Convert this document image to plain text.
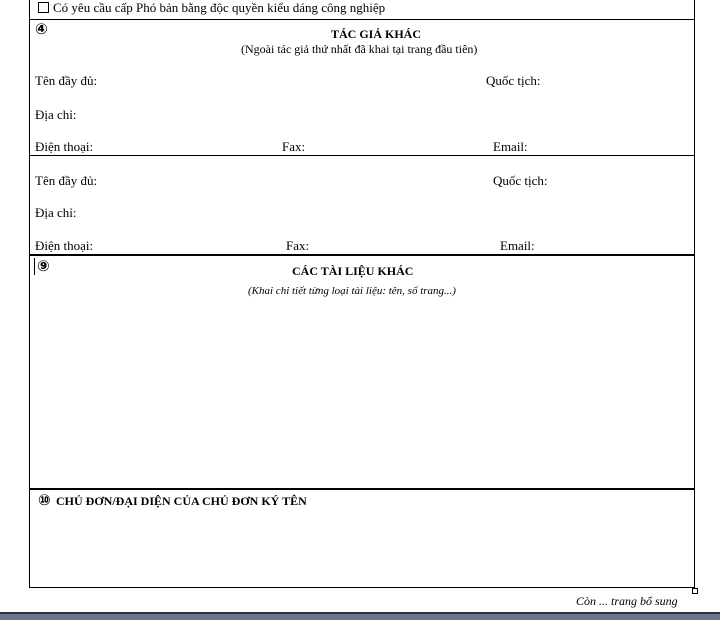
Có yêu cầu cấp Phó bản bằng độc quyền kiểu dáng công nghiệp
④	TÁC GIẢ KHÁC
(Ngoài tác giả thứ nhất đã khai tại trang đầu tiên)
Tên đầy đủ:	Quốc tịch:
Địa chỉ:
Điện thoại:	Fax:	Email:
Tên đầy đủ:	Quốc tịch:
Địa chỉ:
Điện thoại:	Fax:	Email:
⑨	CÁC TÀI LIỆU KHÁC
(Khai chi tiết từng loại tài liệu: tên, số trang...)
⑩ CHỦ ĐƠN/ĐẠI DIỆN CỦA CHỦ ĐƠN KÝ TÊN
Còn ... trang bổ sung
